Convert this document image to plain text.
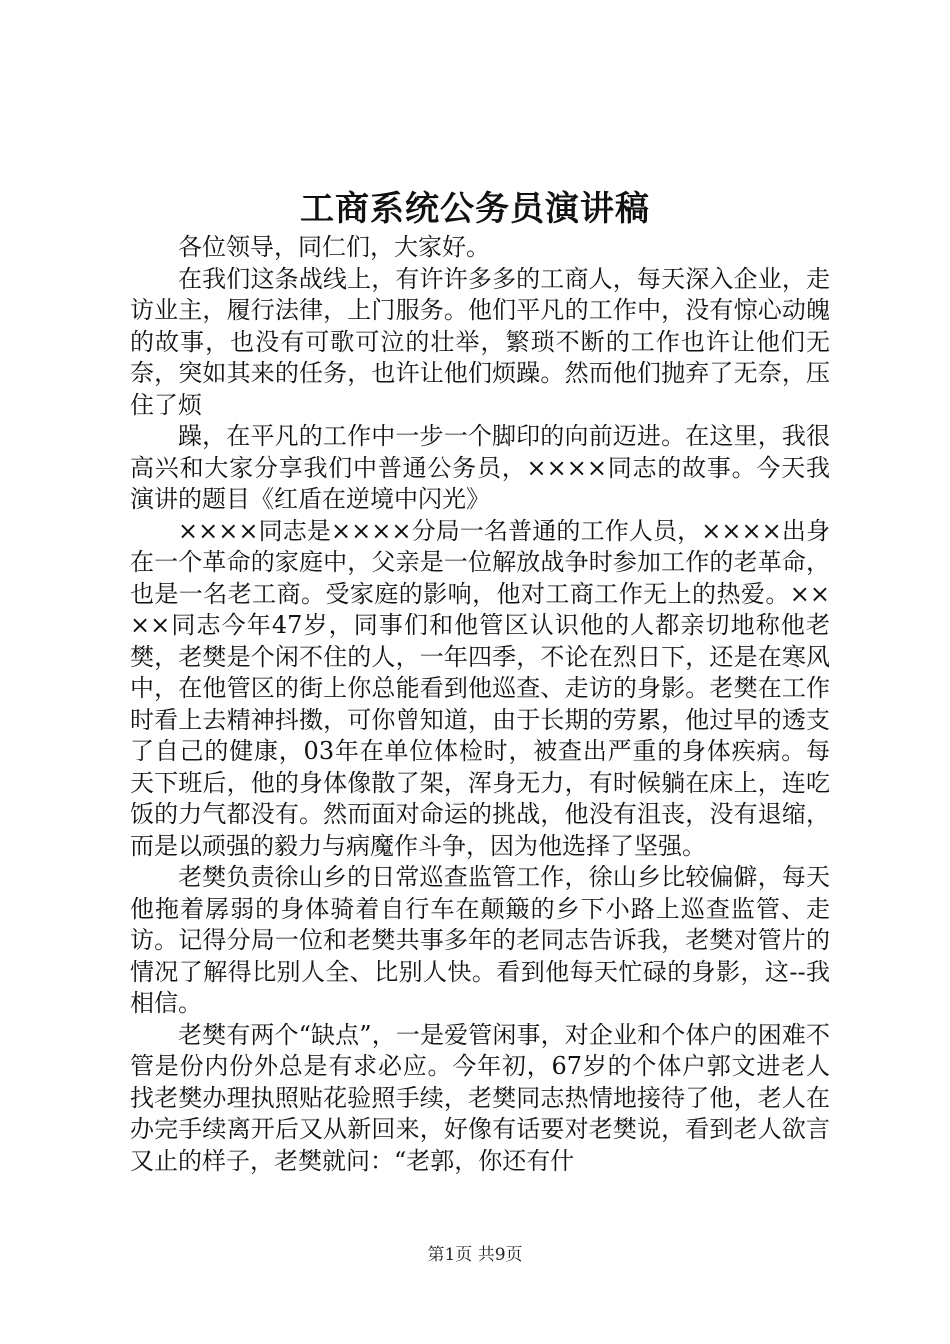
工商系统公务员演讲稿

各位领导，同仁们，大家好。

在我们这条战线上，有许许多多的工商人，每天深入企业，走访业主，履行法律，上门服务。他们平凡的工作中，没有惊心动魄的故事，也没有可歌可泣的壮举，繁琐不断的工作也许让他们无奈，突如其来的任务，也许让他们烦躁。然而他们抛弃了无奈，压住了烦

躁，在平凡的工作中一步一个脚印的向前迈进。在这里，我很高兴和大家分享我们中普通公务员，××××同志的故事。今天我演讲的题目《红盾在逆境中闪光》

××××同志是××××分局一名普通的工作人员，××××出身在一个革命的家庭中，父亲是一位解放战争时参加工作的老革命，也是一名老工商。受家庭的影响，他对工商工作无上的热爱。××××同志今年47岁，同事们和他管区认识他的人都亲切地称他老樊，老樊是个闲不住的人，一年四季，不论在烈日下，还是在寒风中，在他管区的街上你总能看到他巡查、走访的身影。老樊在工作时看上去精神抖擞，可你曾知道，由于长期的劳累，他过早的透支了自己的健康，03年在单位体检时，被查出严重的身体疾病。每天下班后，他的身体像散了架，浑身无力，有时候躺在床上，连吃饭的力气都没有。然而面对命运的挑战，他没有沮丧，没有退缩，而是以顽强的毅力与病魔作斗争，因为他选择了坚强。

老樊负责徐山乡的日常巡查监管工作，徐山乡比较偏僻，每天他拖着孱弱的身体骑着自行车在颠簸的乡下小路上巡查监管、走访。记得分局一位和老樊共事多年的老同志告诉我，老樊对管片的情况了解得比别人全、比别人快。看到他每天忙碌的身影，这--我相信。

老樊有两个“缺点”，一是爱管闲事，对企业和个体户的困难不管是份内份外总是有求必应。今年初，67岁的个体户郭文进老人找老樊办理执照贴花验照手续，老樊同志热情地接待了他，老人在办完手续离开后又从新回来，好像有话要对老樊说，看到老人欲言又止的样子，老樊就问：“老郭，你还有什

第1页 共9页
